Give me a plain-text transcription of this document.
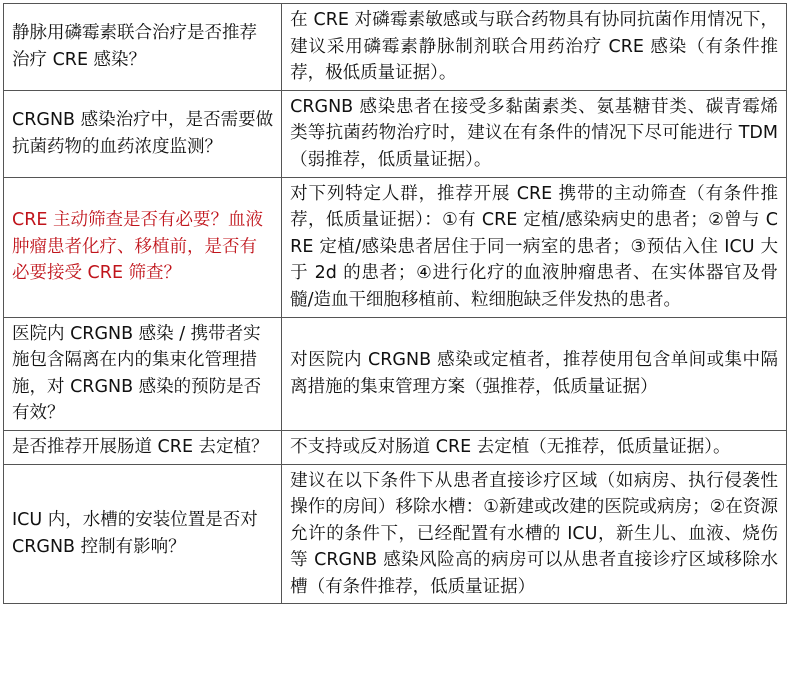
静脉用磷霉素联合治疗是否推荐治疗 CRE 感染？	在 CRE 对磷霉素敏感或与联合药物具有协同抗菌作用情况下，建议采用磷霉素静脉制剂联合用药治疗 CRE 感染（有条件推荐，极低质量证据）。
CRGNB 感染治疗中，是否需要做抗菌药物的血药浓度监测？	CRGNB 感染患者在接受多黏菌素类、氨基糖苷类、碳青霉烯类等抗菌药物治疗时，建议在有条件的情况下尽可能进行 TDM（弱推荐，低质量证据）。
CRE 主动筛查是否有必要？血液肿瘤患者化疗、移植前，是否有必要接受 CRE 筛查？	对下列特定人群，推荐开展 CRE 携带的主动筛查（有条件推荐，低质量证据）：①有 CRE 定植/感染病史的患者；②曾与 CRE 定植/感染患者居住于同一病室的患者；③预估入住 ICU 大于 2d 的患者；④进行化疗的血液肿瘤患者、在实体器官及骨髓/造血干细胞移植前、粒细胞缺乏伴发热的患者。
医院内 CRGNB 感染 / 携带者实施包含隔离在内的集束化管理措施，对 CRGNB 感染的预防是否有效？	对医院内 CRGNB 感染或定植者，推荐使用包含单间或集中隔离措施的集束管理方案（强推荐，低质量证据）
是否推荐开展肠道 CRE 去定植？	不支持或反对肠道 CRE 去定植（无推荐，低质量证据）。
ICU 内，水槽的安装位置是否对 CRGNB 控制有影响？	建议在以下条件下从患者直接诊疗区域（如病房、执行侵袭性操作的房间）移除水槽：①新建或改建的医院或病房；②在资源允许的条件下，已经配置有水槽的 ICU，新生儿、血液、烧伤等 CRGNB 感染风险高的病房可以从患者直接诊疗区域移除水槽（有条件推荐，低质量证据）
